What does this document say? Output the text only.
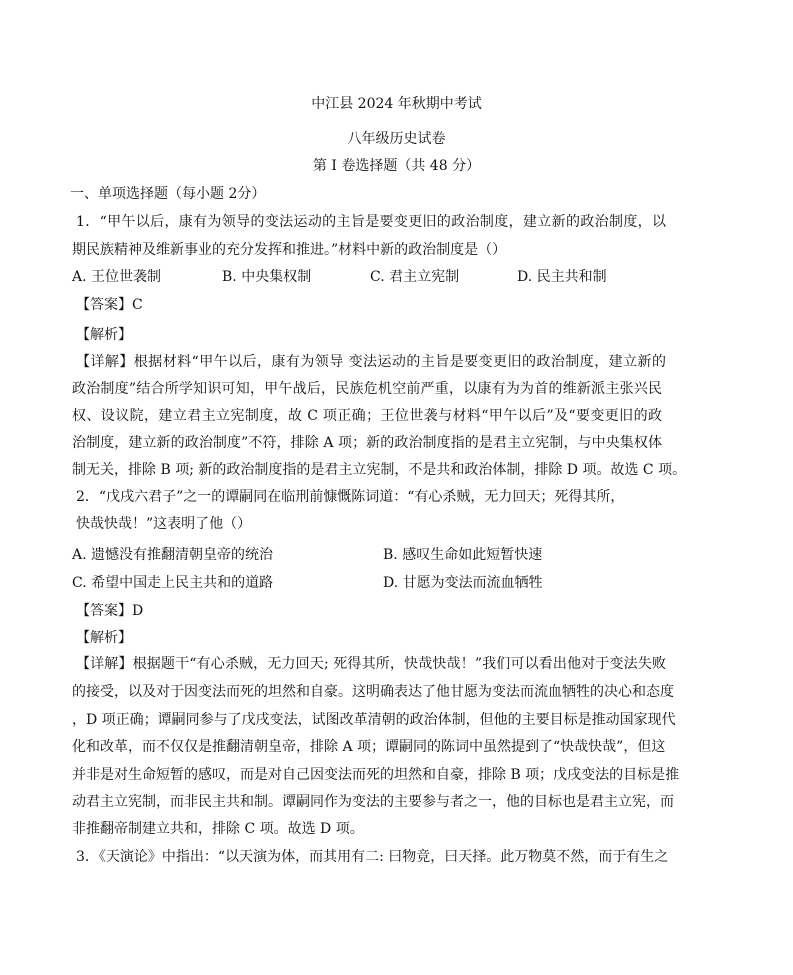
中江县 2024 年秋期中考试
八年级历史试卷
第 I 卷选择题（共 48 分）
一、单项选择题（每小题 2分）
1．“甲午以后，康有为领导的变法运动的主旨是要变更旧的政治制度，建立新的政治制度，以
期民族精神及维新事业的充分发挥和推进。”材料中新的政治制度是（）
A. 王位世袭制	B. 中央集权制	C. 君主立宪制	D. 民主共和制
【答案】C
【解析】
【详解】根据材料“甲午以后，康有为领导 变法运动的主旨是要变更旧的政治制度，建立新的
政治制度”结合所学知识可知，甲午战后，民族危机空前严重，以康有为为首的维新派主张兴民
权、设议院，建立君主立宪制度，故 C 项正确；王位世袭与材料“甲午以后”及“要变更旧的政
治制度，建立新的政治制度”不符，排除 A 项；新的政治制度指的是君主立宪制，与中央集权体
制无关，排除 B 项; 新的政治制度指的是君主立宪制，不是共和政治体制，排除 D 项。故选 C 项。
2．“戊戌六君子”之一的谭嗣同在临刑前慷慨陈词道：“有心杀贼，无力回天；死得其所，
快哉快哉！”这表明了他（）
A. 遗憾没有推翻清朝皇帝的统治	B. 感叹生命如此短暂快速
C. 希望中国走上民主共和的道路	D. 甘愿为变法而流血牺牲
【答案】D
【解析】
【详解】根据题干“有心杀贼，无力回天; 死得其所，快哉快哉！”我们可以看出他对于变法失败
的接受，以及对于因变法而死的坦然和自豪。这明确表达了他甘愿为变法而流血牺牲的决心和态度
，D 项正确；谭嗣同参与了戊戌变法，试图改革清朝的政治体制，但他的主要目标是推动国家现代
化和改革，而不仅仅是推翻清朝皇帝，排除 A 项；谭嗣同的陈词中虽然提到了“快哉快哉”，但这
并非是对生命短暂的感叹，而是对自己因变法而死的坦然和自豪，排除 B 项；戊戌变法的目标是推
动君主立宪制，而非民主共和制。谭嗣同作为变法的主要参与者之一，他的目标也是君主立宪，而
非推翻帝制建立共和，排除 C 项。故选 D 项。
3．《天演论》中指出：“以天演为体，而其用有二: 曰物竞，曰天择。此万物莫不然，而于有生之
